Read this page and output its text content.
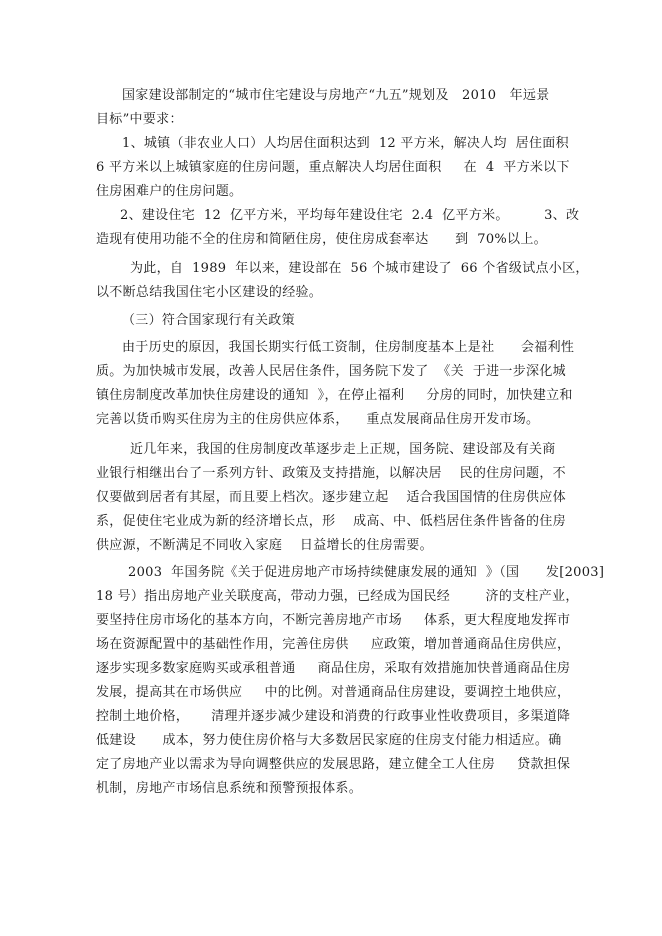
国家建设部制定的“城市住宅建设与房地产“九五”规划及   2010   年远景
目标”中要求：
1、城镇（非农业人口）人均居住面积达到  12 平方米，解决人均  居住面积
6 平方米以上城镇家庭的住房问题，重点解决人均居住面积     在  4  平方米以下
住房困难户的住房问题。
2、建设住宅  12  亿平方米，平均每年建设住宅  2.4  亿平方米。        3、改
造现有使用功能不全的住房和简陋住房，使住房成套率达      到  70%以上。
为此，自  1989  年以来，建设部在  56 个城市建设了  66 个省级试点小区，
以不断总结我国住宅小区建设的经验。
（三）符合国家现行有关政策
由于历史的原因，我国长期实行低工资制，住房制度基本上是社      会福利性
质。为加快城市发展，改善人民居住条件，国务院下发了  《关  于进一步深化城
镇住房制度改革加快住房建设的通知  》，在停止福利     分房的同时，加快建立和
完善以货币购买住房为主的住房供应体系，    重点发展商品住房开发市场。
近几年来，我国的住房制度改革逐步走上正规，国务院、建设部及有关商
业银行相继出台了一系列方针、政策及支持措施，以解决居    民的住房问题，不
仅要做到居者有其屋，而且要上档次。逐步建立起    适合我国国情的住房供应体
系，促使住宅业成为新的经济增长点，形    成高、中、低档居住条件皆备的住房
供应源，不断满足不同收入家庭    日益增长的住房需要。
2003  年国务院《关于促进房地产市场持续健康发展的通知  》（国      发[2003]
18 号）指出房地产业关联度高，带动力强，已经成为国民经        济的支柱产业，
要坚持住房市场化的基本方向，不断完善房地产市场     体系，更大程度地发挥市
场在资源配置中的基础性作用，完善住房供     应政策，增加普通商品住房供应，
逐步实现多数家庭购买或承租普通     商品住房，采取有效措施加快普通商品住房
发展，提高其在市场供应     中的比例。对普通商品住房建设，要调控土地供应，
控制土地价格，     清理并逐步减少建设和消费的行政事业性收费项目，多渠道降
低建设      成本，努力使住房价格与大多数居民家庭的住房支付能力相适应。确
定了房地产业以需求为导向调整供应的发展思路，建立健全工人住房     贷款担保
机制，房地产市场信息系统和预警预报体系。
